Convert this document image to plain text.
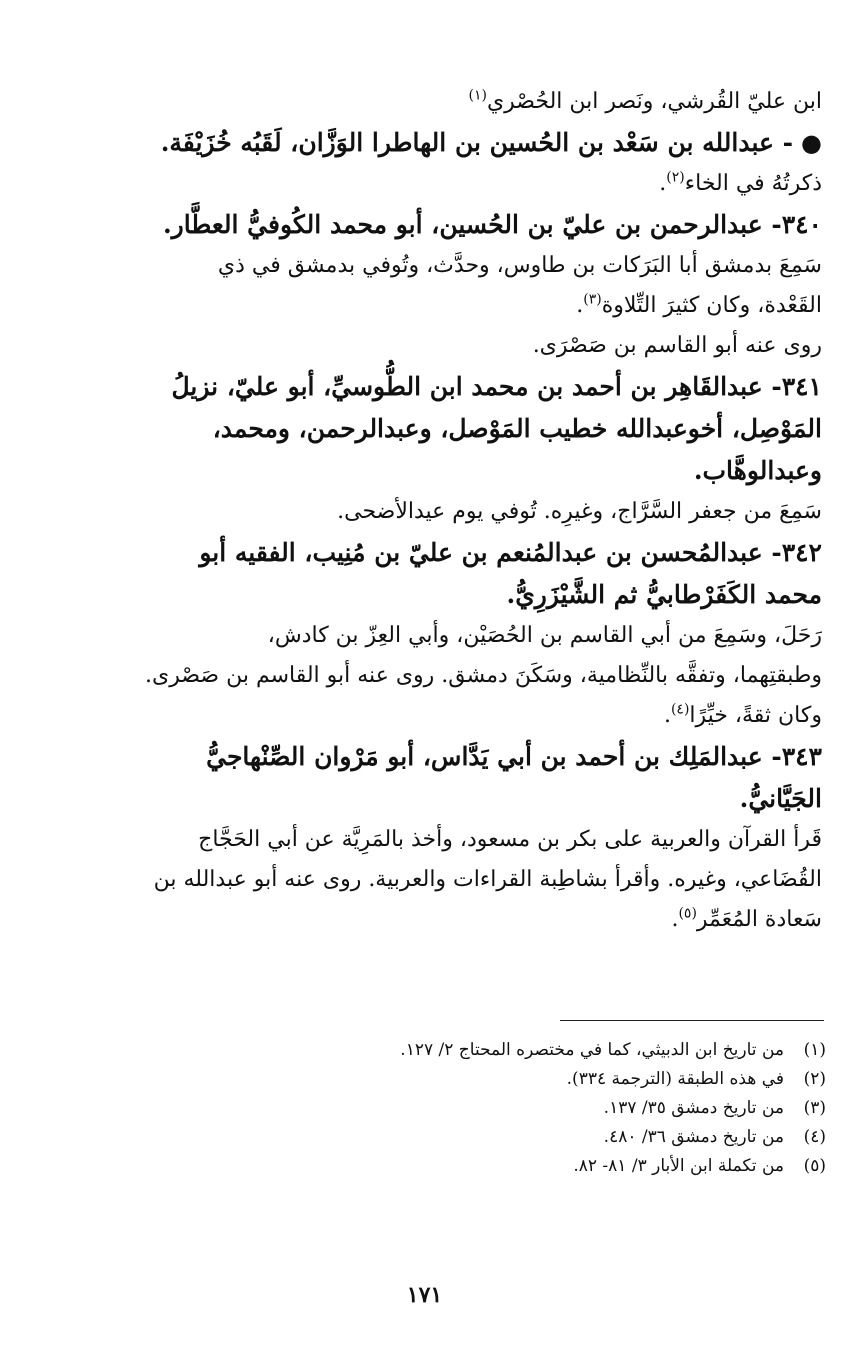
ابن عليّ القُرشي، ونَصر ابن الحُصْري$^{(١)}$

●- عبدالله بن سَعْد بن الحُسين بن الهاطرا الوَزَّان، لَقَبُه خُزَيْفَة.

ذكرتُهُ في الخاء$^{(٢)}$.

٣٤٠- عبدالرحمن بن عليّ بن الحُسين، أبو محمد الكُوفيُّ العطَّار.

سَمِعَ بدمشق أبا البَرَكات بن طاوس، وحدَّث، وتُوفي بدمشق في ذي

القَعْدة، وكان كثيرَ التِّلاوة$^{(٣)}$.

روى عنه أبو القاسم بن صَصْرَى.

٣٤١- عبدالقَاهِر بن أحمد بن محمد ابن الطُّوسيِّ، أبو عليّ، نزيلُ

المَوْصِل، أخوعبدالله خطيب المَوْصل، وعبدالرحمن، ومحمد،

وعبدالوهَّاب.

سَمِعَ من جعفر السَّرَّاج، وغيرِه. تُوفي يوم عيدالأضحى.

٣٤٢- عبدالمُحسن بن عبدالمُنعم بن عليّ بن مُنِيب، الفقيه أبو

محمد الكَفَرْطابيُّ ثم الشَّيْزَرِيُّ.

رَحَلَ، وسَمِعَ من أبي القاسم بن الحُصَيْن، وأبي العِزّ بن كادش،

وطبقتِهما، وتفقَّه بالنِّظامية، وسَكَنَ دمشق. روى عنه أبو القاسم بن صَصْرى.

وكان ثقةً، خيِّرًا$^{(٤)}$.

٣٤٣- عبدالمَلِك بن أحمد بن أبي يَدَّاس، أبو مَرْوان الصِّنْهاجيُّ

الجَيَّانيُّ.

قَرأ القرآن والعربية على بكر بن مسعود، وأخذ بالمَرِيَّة عن أبي الحَجَّاج

القُضَاعي، وغيره. وأقرأ بشاطِبة القراءات والعربية. روى عنه أبو عبدالله بن

سَعادة المُعَمِّر$^{(٥)}$.

(١)
من تاريخ ابن الدبيثي، كما في مختصره المحتاج ٢/ ١٢٧.

(٢)
في هذه الطبقة (الترجمة ٣٣٤).

(٣)
من تاريخ دمشق ٣٥/ ١٣٧.

(٤)
من تاريخ دمشق ٣٦/ ٤٨٠.

(٥)
من تكملة ابن الأبار ٣/ ٨١- ٨٢.

١٧١
